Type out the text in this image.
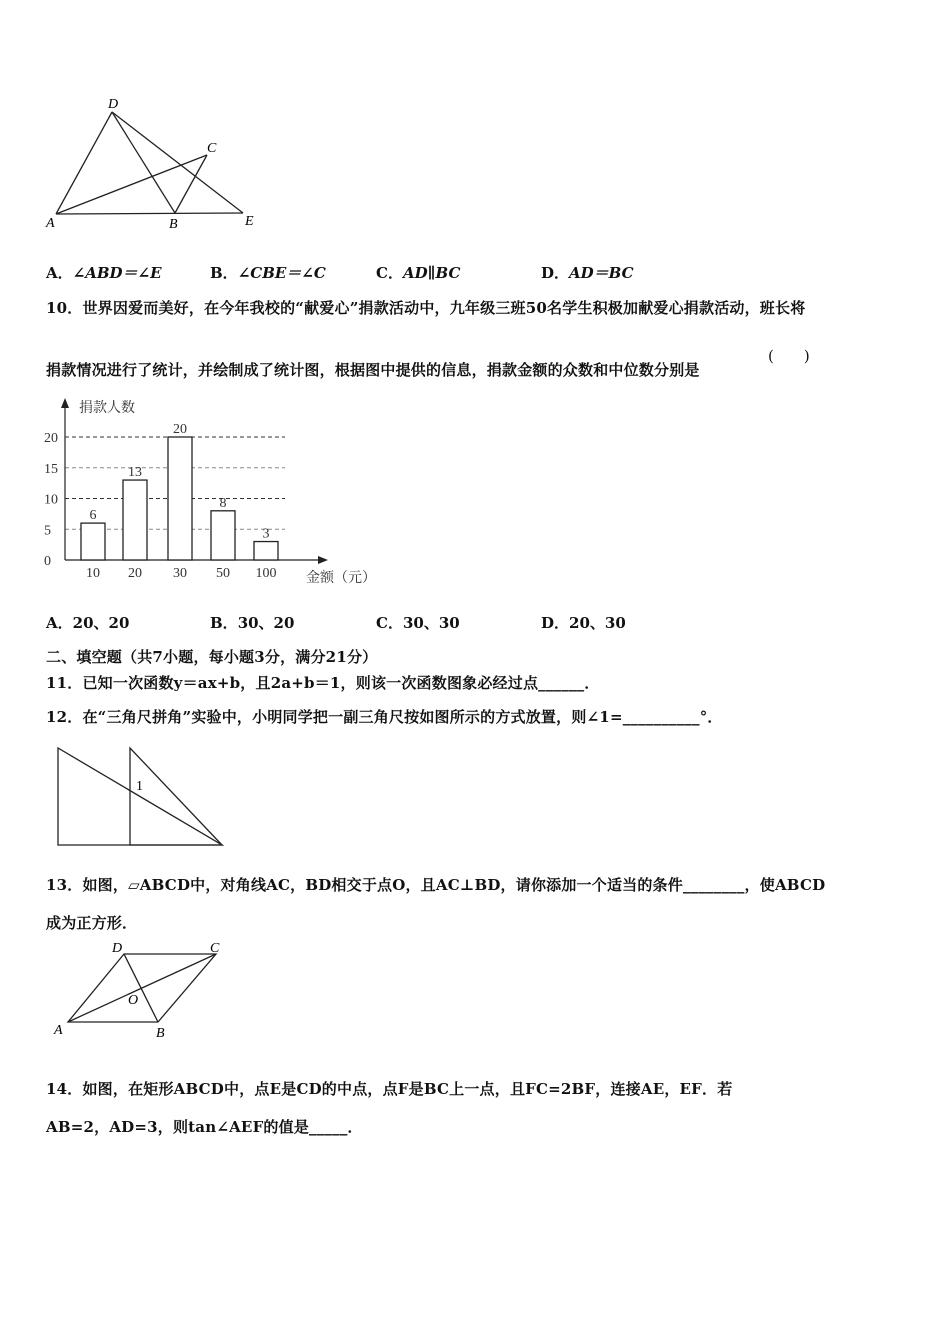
D
C
A	B	E
A．∠ABD＝∠E	B．∠CBE＝∠C	C．AD∥BC	D．AD＝BC
10．世界因爱而美好，在今年我校的“献爱心”捐款活动中，九年级三班50名学生积极加献爱心捐款活动，班长将
捐款情况进行了统计，并绘制成了统计图，根据图中提供的信息，捐款金额的众数和中位数分别是
(　　)
0
5
10
15
20
6
10
13
20
20
30
8
50
3
100
捐款人数
金额（元）
A．20、20	B．30、20	C．30、30	D．20、30
二、填空题（共7小题，每小题3分，满分21分）
11．已知一次函数y＝ax+b，且2a+b＝1，则该一次函数图象必经过点______．
12．在“三角尺拼角”实验中，小明同学把一副三角尺按如图所示的方式放置，则∠1=__________°．
1
13．如图，▱ABCD中，对角线AC，BD相交于点O，且AC⊥BD，请你添加一个适当的条件________，使ABCD
成为正方形．
D	C
O
A	B
14．如图，在矩形ABCD中，点E是CD的中点，点F是BC上一点，且FC=2BF，连接AE，EF．若
AB=2，AD=3，则tan∠AEF的值是_____．
